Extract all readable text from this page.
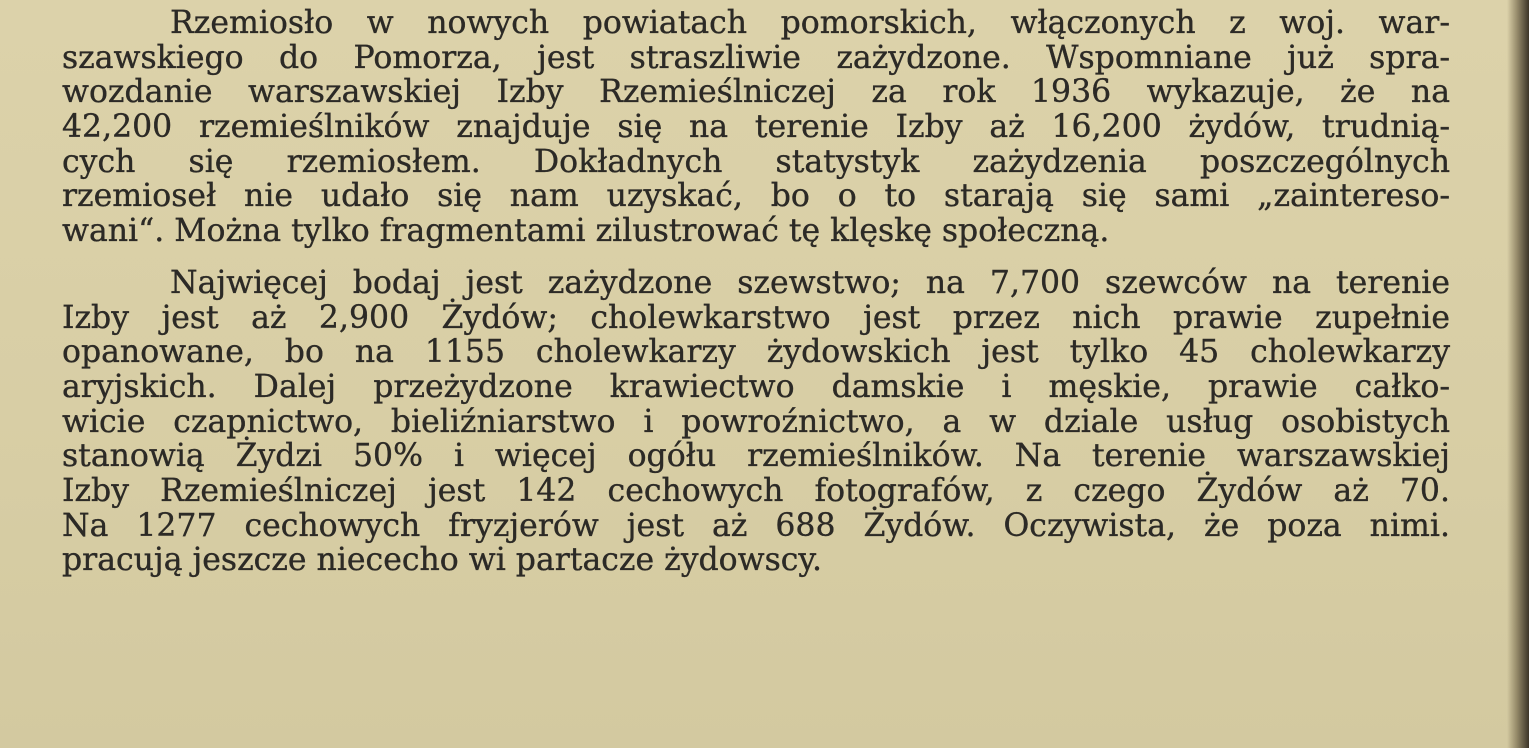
Rzemiosło w nowych powiatach pomorskich, włączonych z woj. war-
szawskiego do Pomorza, jest straszliwie zażydzone. Wspomniane już spra-
wozdanie warszawskiej Izby Rzemieślniczej za rok 1936 wykazuje, że na
42,200 rzemieślników znajduje się na terenie Izby aż 16,200 żydów, trudnią-
cych się rzemiosłem. Dokładnych statystyk zażydzenia poszczególnych
rzemioseł nie udało się nam uzyskać, bo o to starają się sami „zaintereso-
wani“. Można tylko fragmentami zilustrować tę klęskę społeczną.

Najwięcej bodaj jest zażydzone szewstwo; na 7,700 szewców na terenie
Izby jest aż 2,900 Żydów; cholewkarstwo jest przez nich prawie zupełnie
opanowane, bo na 1155 cholewkarzy żydowskich jest tylko 45 cholewkarzy
aryjskich. Dalej przeżydzone krawiectwo damskie i męskie, prawie całko-
wicie czapnictwo, bieliźniarstwo i powroźnictwo, a w dziale usług osobistych
stanowią Żydzi 50% i więcej ogółu rzemieślników. Na terenie warszawskiej
Izby Rzemieślniczej jest 142 cechowych fotografów, z czego Żydów aż 70.
Na 1277 cechowych fryzjerów jest aż 688 Żydów. Oczywista, że poza nimi.
pracują jeszcze niececho wi partacze żydowscy.
